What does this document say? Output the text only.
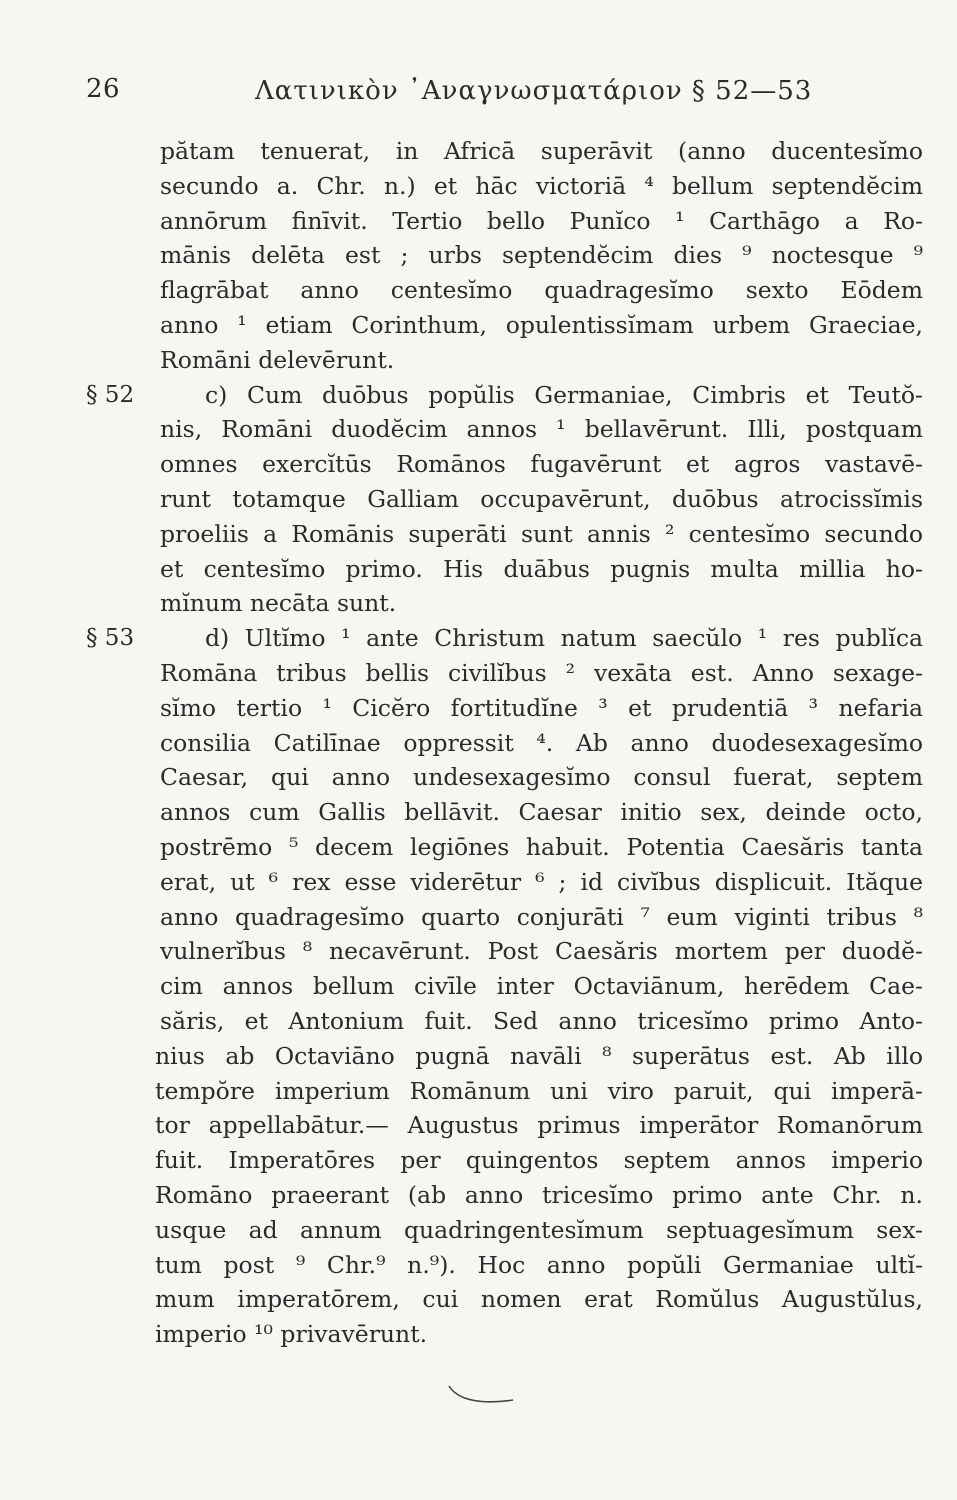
26	Λατινικὸν ᾿Αναγνωσματάριον § 52—53
pătam tenuerat, in Africā superāvit (anno ducentesĭmo
secundo a. Chr. n.) et hāc victoriā ⁴ bellum septendĕcim
annōrum finīvit. Tertio bello Punĭco ¹ Carthāgo a Ro-
mānis delēta est ; urbs septendĕcim dies ⁹ noctesque ⁹
flagrābat anno centesĭmo quadragesĭmo sexto Eōdem
anno ¹ etiam Corinthum, opulentissĭmam urbem Graeciae,
Romāni delevērunt.
§ 52	c) Cum duōbus popŭlis Germaniae, Cimbris et Teutŏ-
nis, Romāni duodĕcim annos ¹ bellavērunt. Illi, postquam
omnes exercĭtūs Romānos fugavērunt et agros vastavē-
runt totamque Galliam occupavērunt, duōbus atrocissĭmis
proeliis a Romānis superāti sunt annis ² centesĭmo secundo
et centesĭmo primo. His duābus pugnis multa millia ho-
mĭnum necāta sunt.
§ 53	d) Ultĭmo ¹ ante Christum natum saecŭlo ¹ res publĭca
Romāna tribus bellis civilĭbus ² vexāta est. Anno sexage-
sĭmo tertio ¹ Cicĕro fortitudĭne ³ et prudentiā ³ nefaria
consilia Catilīnae oppressit ⁴. Ab anno duodesexagesĭmo
Caesar, qui anno undesexagesĭmo consul fuerat, septem
annos cum Gallis bellāvit. Caesar initio sex, deinde octo,
postrēmo ⁵ decem legiōnes habuit. Potentia Caesăris tanta
erat, ut ⁶ rex esse viderētur ⁶ ; id civĭbus displicuit. Ităque
anno quadragesĭmo quarto conjurāti ⁷ eum viginti tribus ⁸
vulnerĭbus ⁸ necavērunt. Post Caesăris mortem per duodĕ-
cim annos bellum civīle inter Octaviānum, herēdem Cae-
săris, et Antonium fuit. Sed anno tricesĭmo primo Anto-
nius ab Octaviāno pugnā navāli ⁸ superātus est. Ab illo
tempŏre imperium Romānum uni viro paruit, qui imperā-
tor appellabātur.— Augustus primus imperātor Romanōrum
fuit. Imperatōres per quingentos septem annos imperio
Romāno praeerant (ab anno tricesĭmo primo ante Chr. n.
usque ad annum quadringentesĭmum septuagesĭmum sex-
tum post ⁹ Chr.⁹ n.⁹). Hoc anno popŭli Germaniae ultĭ-
mum imperatōrem, cui nomen erat Romŭlus Augustŭlus,
imperio ¹⁰ privavērunt.
